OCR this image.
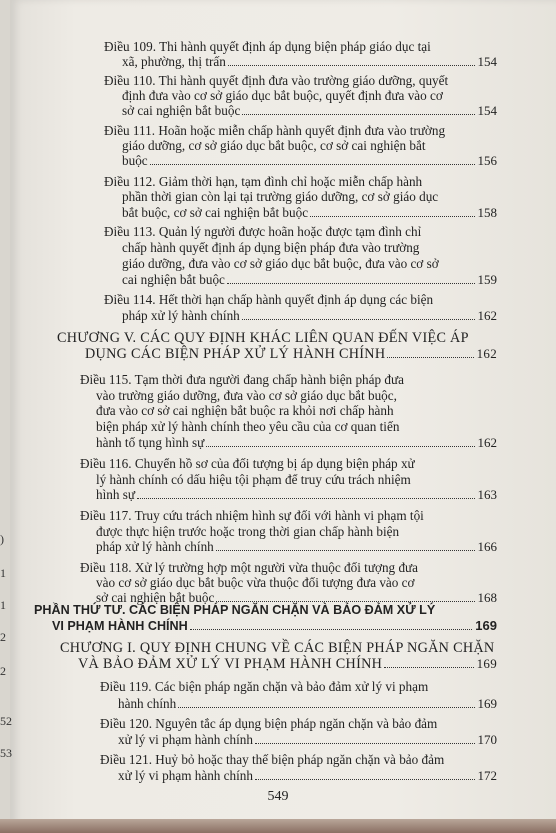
)
1
1
2
2
52
53
Điều 109. Thi hành quyết định áp dụng biện pháp giáo dục tại
xã, phường, thị trấn	154
Điều 110. Thi hành quyết định đưa vào trường giáo dưỡng, quyết
định đưa vào cơ sở giáo dục bắt buộc, quyết định đưa vào cơ
sở cai nghiện bắt buộc	154
Điều 111. Hoãn hoặc miễn chấp hành quyết định đưa vào trường
giáo dưỡng, cơ sở giáo dục bắt buộc, cơ sở cai nghiện bắt
buộc	156
Điều 112. Giảm thời hạn, tạm đình chỉ hoặc miễn chấp hành
phần thời gian còn lại tại trường giáo dưỡng, cơ sở giáo dục
bắt buộc, cơ sở cai nghiện bắt buộc	158
Điều 113. Quản lý người được hoãn hoặc được tạm đình chỉ
chấp hành quyết định áp dụng biện pháp đưa vào trường
giáo dưỡng, đưa vào cơ sở giáo dục bắt buộc, đưa vào cơ sở
cai nghiện bắt buộc	159
Điều 114. Hết thời hạn chấp hành quyết định áp dụng các biện
pháp xử lý hành chính	162
CHƯƠNG V. CÁC QUY ĐỊNH KHÁC LIÊN QUAN ĐẾN VIỆC ÁP
DỤNG CÁC BIỆN PHÁP XỬ LÝ HÀNH CHÍNH	162
Điều 115. Tạm thời đưa người đang chấp hành biện pháp đưa
vào trường giáo dưỡng, đưa vào cơ sở giáo dục bắt buộc,
đưa vào cơ sở cai nghiện bắt buộc ra khỏi nơi chấp hành
biện pháp xử lý hành chính theo yêu cầu của cơ quan tiến
hành tố tụng hình sự	162
Điều 116. Chuyển hồ sơ của đối tượng bị áp dụng biện pháp xử
lý hành chính có dấu hiệu tội phạm để truy cứu trách nhiệm
hình sự	163
Điều 117. Truy cứu trách nhiệm hình sự đối với hành vi phạm tội
được thực hiện trước hoặc trong thời gian chấp hành biện
pháp xử lý hành chính	166
Điều 118. Xử lý trường hợp một người vừa thuộc đối tượng đưa
vào cơ sở giáo dục bắt buộc vừa thuộc đối tượng đưa vào cơ
sở cai nghiện bắt buộc	168
PHẦN THỨ TƯ. CÁC BIỆN PHÁP NGĂN CHẶN VÀ BẢO ĐẢM XỬ LÝ
VI PHẠM HÀNH CHÍNH	169
CHƯƠNG I. QUY ĐỊNH CHUNG VỀ CÁC BIỆN PHÁP NGĂN CHẶN
VÀ BẢO ĐẢM XỬ LÝ VI PHẠM HÀNH CHÍNH	169
Điều 119. Các biện pháp ngăn chặn và bảo đảm xử lý vi phạm
hành chính	169
Điều 120. Nguyên tắc áp dụng biện pháp ngăn chặn và bảo đảm
xử lý vi phạm hành chính	170
Điều 121. Huỷ bỏ hoặc thay thế biện pháp ngăn chặn và bảo đảm
xử lý vi phạm hành chính	172
549
